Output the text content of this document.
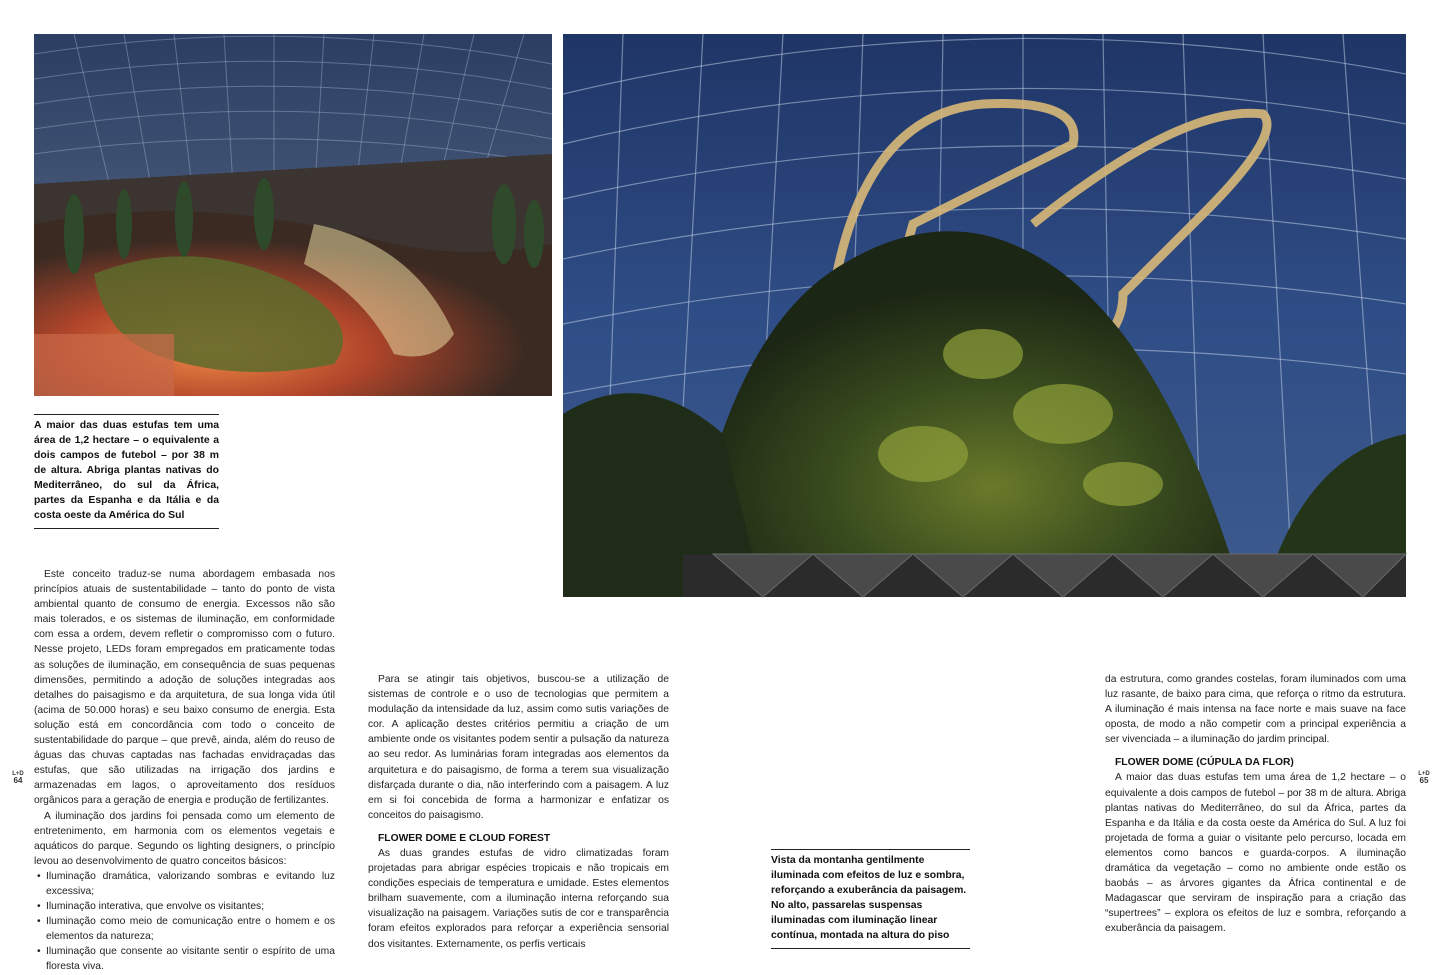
A maior das duas estufas tem uma área de 1,2 hectare – o equivalente a dois campos de futebol – por 38 m de altura. Abriga plantas nativas do Mediterrâneo, do sul da África, partes da Espanha e da Itália e da costa oeste da América do Sul

Vista da montanha gentilmente iluminada com efeitos de luz e sombra, reforçando a exuberância da paisagem. No alto, passarelas suspensas iluminadas com iluminação linear contínua, montada na altura do piso

Este conceito traduz-se numa abordagem embasada nos princípios atuais de sustentabilidade – tanto do ponto de vista ambiental quanto de consumo de energia. Excessos não são mais tolerados, e os sistemas de iluminação, em conformidade com essa a ordem, devem refletir o compromisso com o futuro. Nesse projeto, LEDs foram empregados em praticamente todas as soluções de iluminação, em consequência de suas pequenas dimensões, permitindo a adoção de soluções integradas aos detalhes do paisagismo e da arquitetura, de sua longa vida útil (acima de 50.000 horas) e seu baixo consumo de energia. Esta solução está em concordância com todo o conceito de sustentabilidade do parque – que prevê, ainda, além do reuso de águas das chuvas captadas nas fachadas envidraçadas das estufas, que são utilizadas na irrigação dos jardins e armazenadas em lagos, o aproveitamento dos resíduos orgânicos para a geração de energia e produção de fertilizantes.

A iluminação dos jardins foi pensada como um elemento de entretenimento, em harmonia com os elementos vegetais e aquáticos do parque. Segundo os lighting designers, o princípio levou ao desenvolvimento de quatro conceitos básicos:

• Iluminação dramática, valorizando sombras e evitando luz excessiva;

• Iluminação interativa, que envolve os visitantes;

• Iluminação como meio de comunicação entre o homem e os elementos da natureza;

• Iluminação que consente ao visitante sentir o espírito de uma floresta viva.

Para se atingir tais objetivos, buscou-se a utilização de sistemas de controle e o uso de tecnologias que permitem a modulação da intensidade da luz, assim como sutis variações de cor. A aplicação destes critérios permitiu a criação de um ambiente onde os visitantes podem sentir a pulsação da natureza ao seu redor. As luminárias foram integradas aos elementos da arquitetura e do paisagismo, de forma a terem sua visualização disfarçada durante o dia, não interferindo com a paisagem. A luz em si foi concebida de forma a harmonizar e enfatizar os conceitos do paisagismo.

FLOWER DOME E CLOUD FOREST

As duas grandes estufas de vidro climatizadas foram projetadas para abrigar espécies tropicais e não tropicais em condições especiais de temperatura e umidade. Estes elementos brilham suavemente, com a iluminação interna reforçando sua visualização na paisagem. Variações sutis de cor e transparência foram efeitos explorados para reforçar a experiência sensorial dos visitantes. Externamente, os perfis verticais

da estrutura, como grandes costelas, foram iluminados com uma luz rasante, de baixo para cima, que reforça o ritmo da estrutura. A iluminação é mais intensa na face norte e mais suave na face oposta, de modo a não competir com a principal experiência a ser vivenciada – a iluminação do jardim principal.

FLOWER DOME (CÚPULA DA FLOR)

A maior das duas estufas tem uma área de 1,2 hectare – o equivalente a dois campos de futebol – por 38 m de altura. Abriga plantas nativas do Mediterrâneo, do sul da África, partes da Espanha e da Itália e da costa oeste da América do Sul. A luz foi projetada de forma a guiar o visitante pelo percurso, locada em elementos como bancos e guarda-corpos. A iluminação dramática da vegetação – como no ambiente onde estão os baobás – as árvores gigantes da África continental e de Madagascar que serviram de inspiração para a criação das “supertrees” – explora os efeitos de luz e sombra, reforçando a exuberância da paisagem.

L+D
64
L+D
65
